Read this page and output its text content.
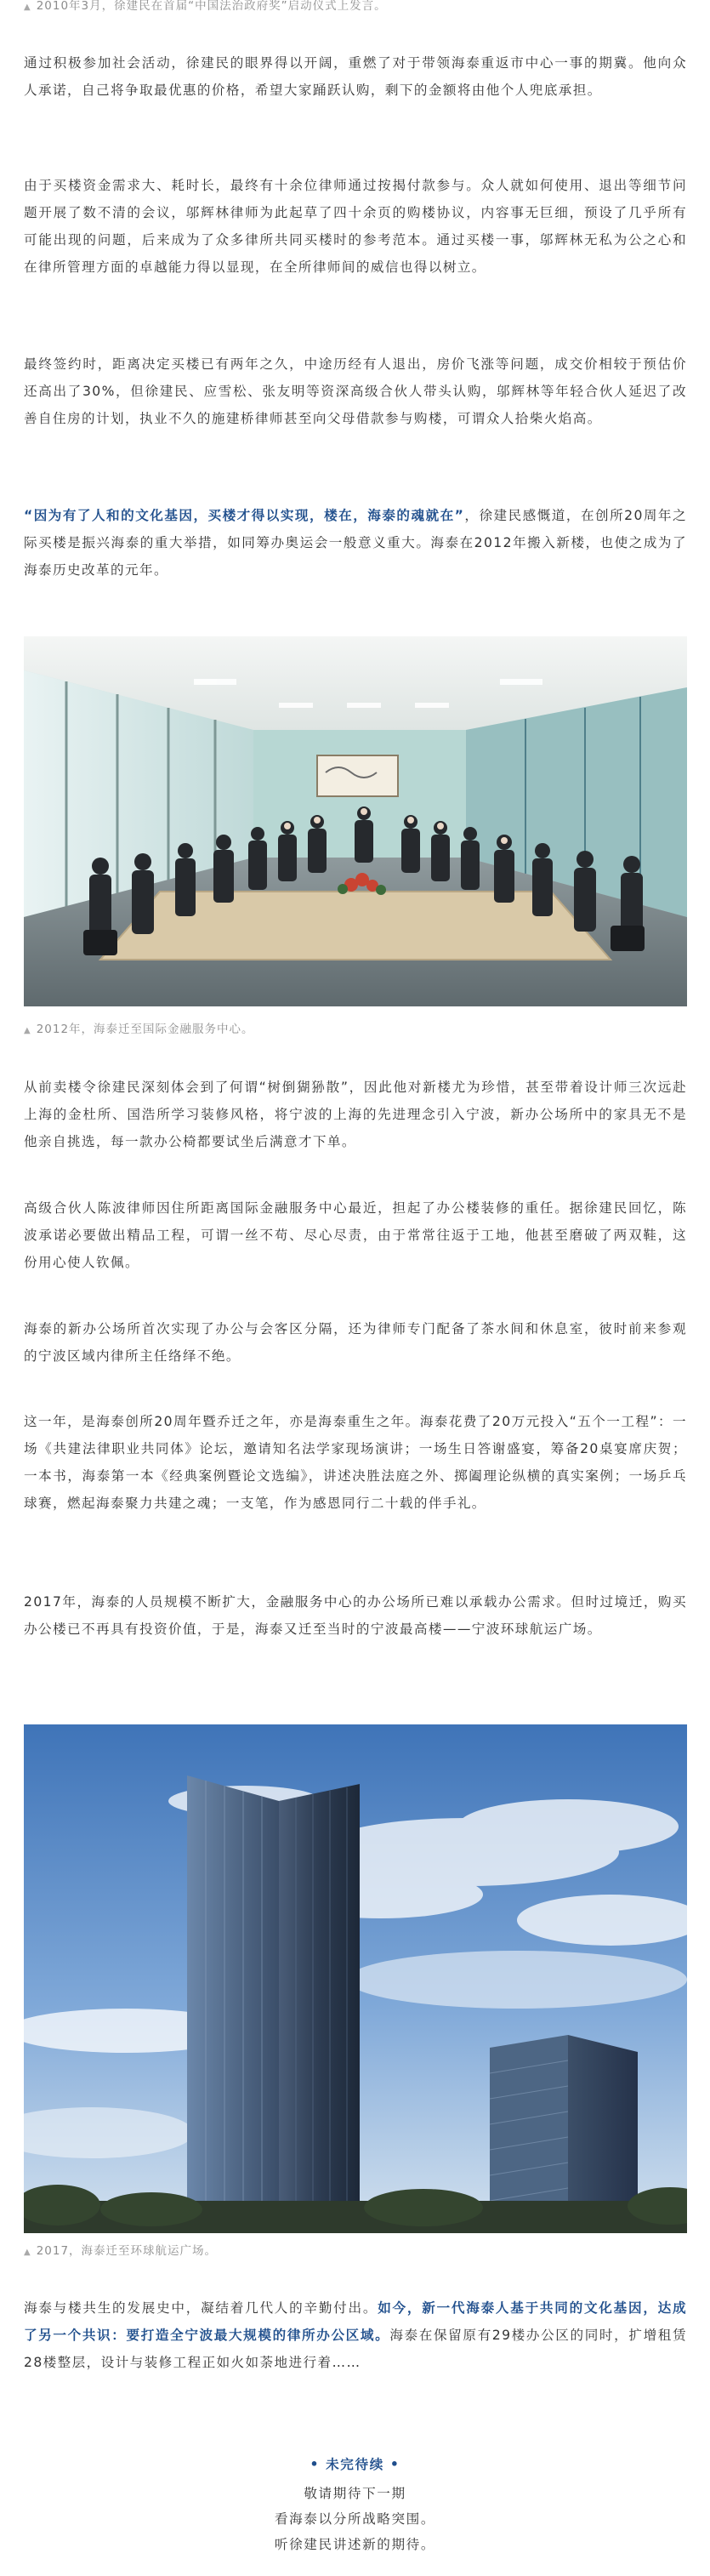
▲ 2010年3月，徐建民在首届“中国法治政府奖”启动仪式上发言。

通过积极参加社会活动，徐建民的眼界得以开阔，重燃了对于带领海泰重返市中心一事的期冀。他向众人承诺，自己将争取最优惠的价格，希望大家踊跃认购，剩下的金额将由他个人兜底承担。

由于买楼资金需求大、耗时长，最终有十余位律师通过按揭付款参与。众人就如何使用、退出等细节问题开展了数不清的会议，邬辉林律师为此起草了四十余页的购楼协议，内容事无巨细，预设了几乎所有可能出现的问题，后来成为了众多律所共同买楼时的参考范本。通过买楼一事，邬辉林无私为公之心和在律所管理方面的卓越能力得以显现，在全所律师间的威信也得以树立。

最终签约时，距离决定买楼已有两年之久，中途历经有人退出，房价飞涨等问题，成交价相较于预估价还高出了30%，但徐建民、应雪松、张友明等资深高级合伙人带头认购，邬辉林等年轻合伙人延迟了改善自住房的计划，执业不久的施建桥律师甚至向父母借款参与购楼，可谓众人拾柴火焰高。

“因为有了人和的文化基因，买楼才得以实现，楼在，海泰的魂就在”，徐建民感慨道，在创所20周年之际买楼是振兴海泰的重大举措，如同筹办奥运会一般意义重大。海泰在2012年搬入新楼，也使之成为了海泰历史改革的元年。

▲ 2012年，海泰迁至国际金融服务中心。

从前卖楼令徐建民深刻体会到了何谓“树倒猢狲散”，因此他对新楼尤为珍惜，甚至带着设计师三次远赴上海的金杜所、国浩所学习装修风格，将宁波的上海的先进理念引入宁波，新办公场所中的家具无不是他亲自挑选，每一款办公椅都要试坐后满意才下单。

高级合伙人陈波律师因住所距离国际金融服务中心最近，担起了办公楼装修的重任。据徐建民回忆，陈波承诺必要做出精品工程，可谓一丝不苟、尽心尽责，由于常常往返于工地，他甚至磨破了两双鞋，这份用心使人钦佩。

海泰的新办公场所首次实现了办公与会客区分隔，还为律师专门配备了茶水间和休息室，彼时前来参观的宁波区域内律所主任络绎不绝。

这一年，是海泰创所20周年暨乔迁之年，亦是海泰重生之年。海泰花费了20万元投入“五个一工程”：一场《共建法律职业共同体》论坛，邀请知名法学家现场演讲；一场生日答谢盛宴，筹备20桌宴席庆贺；一本书，海泰第一本《经典案例暨论文选编》，讲述决胜法庭之外、掷阖理论纵横的真实案例；一场乒乓球赛，燃起海泰聚力共建之魂；一支笔，作为感恩同行二十载的伴手礼。

2017年，海泰的人员规模不断扩大，金融服务中心的办公场所已难以承载办公需求。但时过境迁，购买办公楼已不再具有投资价值，于是，海泰又迁至当时的宁波最高楼——宁波环球航运广场。

▲ 2017，海泰迁至环球航运广场。

海泰与楼共生的发展史中，凝结着几代人的辛勤付出。如今，新一代海泰人基于共同的文化基因，达成了另一个共识：要打造全宁波最大规模的律所办公区域。海泰在保留原有29楼办公区的同时，扩增租赁28楼整层，设计与装修工程正如火如荼地进行着……

• 未完待续 •
敬请期待下一期
看海泰以分所战略突围。
听徐建民讲述新的期待。
